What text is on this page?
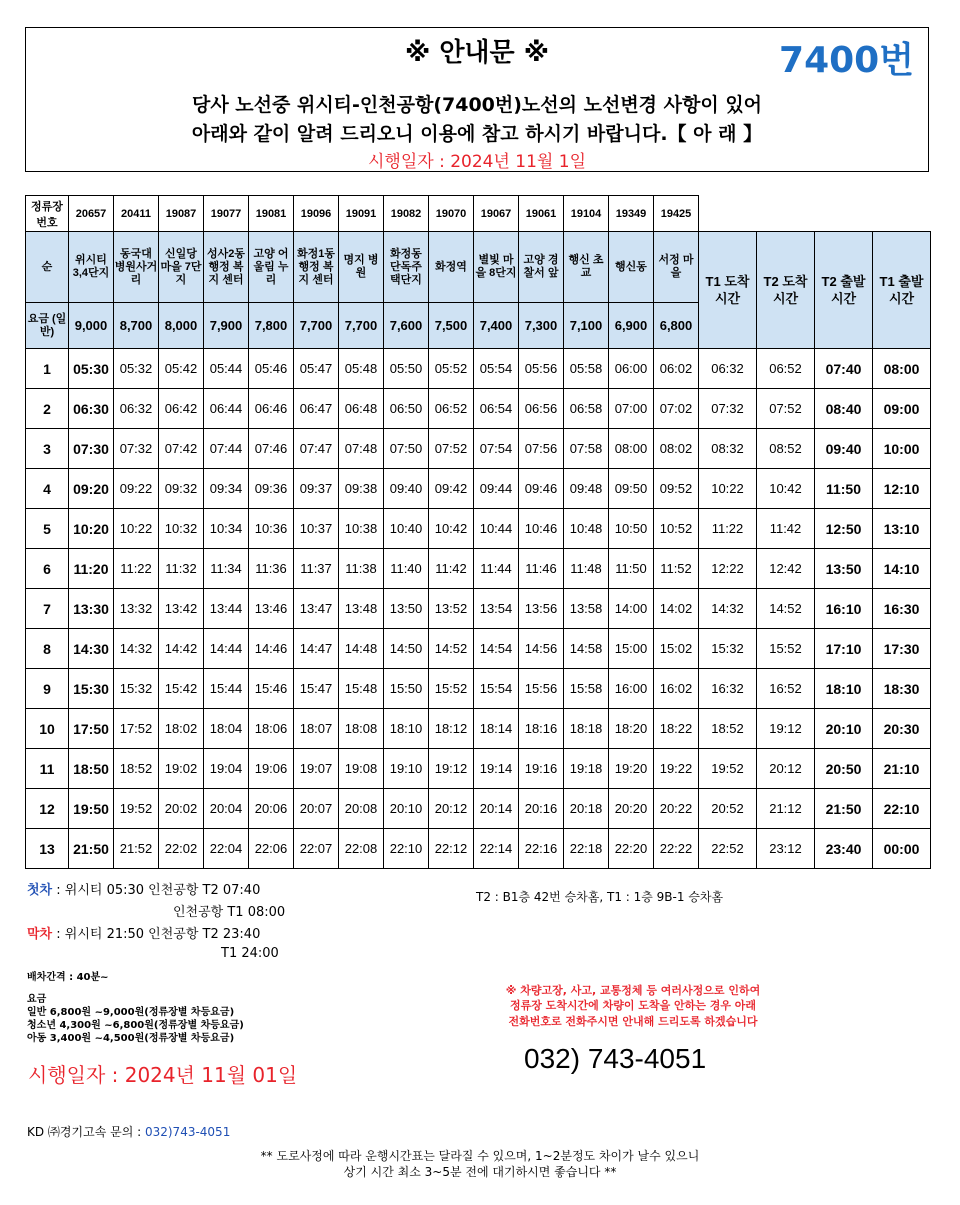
※ 안내문 ※	7400번
당사 노선중 위시티-인천공항(7400번)노선의 노선변경 사항이 있어
아래와 같이 알려 드리오니 이용에 참고 하시기 바랍니다.【 아 래 】
시행일자 : 2024년 11월 1일
정류장 번호	20657	20411	19087	19077	19081	19096	19091	19082	19070	19067	19061	19104	19349	19425				
순	위시티 3,4단지	동국대 병원사거리	신일당 마을 7단지	성사2동 행정 복지 센터	고양 어울림 누리	화정1동 행정 복지 센터	명지 병원	화정동 단독주 택단지	화정역	별빛 마을 8단지	고양 경찰서 앞	행신 초교	행신동	서정 마을	T1 도착 시간	T2 도착 시간	T2 출발 시간	T1 출발 시간
요금 (일반)	9,000	8,700	8,000	7,900	7,800	7,700	7,700	7,600	7,500	7,400	7,300	7,100	6,900	6,800				
1	05:30	05:32	05:42	05:44	05:46	05:47	05:48	05:50	05:52	05:54	05:56	05:58	06:00	06:02	06:32	06:52	07:40	08:00
2	06:30	06:32	06:42	06:44	06:46	06:47	06:48	06:50	06:52	06:54	06:56	06:58	07:00	07:02	07:32	07:52	08:40	09:00
3	07:30	07:32	07:42	07:44	07:46	07:47	07:48	07:50	07:52	07:54	07:56	07:58	08:00	08:02	08:32	08:52	09:40	10:00
4	09:20	09:22	09:32	09:34	09:36	09:37	09:38	09:40	09:42	09:44	09:46	09:48	09:50	09:52	10:22	10:42	11:50	12:10
5	10:20	10:22	10:32	10:34	10:36	10:37	10:38	10:40	10:42	10:44	10:46	10:48	10:50	10:52	11:22	11:42	12:50	13:10
6	11:20	11:22	11:32	11:34	11:36	11:37	11:38	11:40	11:42	11:44	11:46	11:48	11:50	11:52	12:22	12:42	13:50	14:10
7	13:30	13:32	13:42	13:44	13:46	13:47	13:48	13:50	13:52	13:54	13:56	13:58	14:00	14:02	14:32	14:52	16:10	16:30
8	14:30	14:32	14:42	14:44	14:46	14:47	14:48	14:50	14:52	14:54	14:56	14:58	15:00	15:02	15:32	15:52	17:10	17:30
9	15:30	15:32	15:42	15:44	15:46	15:47	15:48	15:50	15:52	15:54	15:56	15:58	16:00	16:02	16:32	16:52	18:10	18:30
10	17:50	17:52	18:02	18:04	18:06	18:07	18:08	18:10	18:12	18:14	18:16	18:18	18:20	18:22	18:52	19:12	20:10	20:30
11	18:50	18:52	19:02	19:04	19:06	19:07	19:08	19:10	19:12	19:14	19:16	19:18	19:20	19:22	19:52	20:12	20:50	21:10
12	19:50	19:52	20:02	20:04	20:06	20:07	20:08	20:10	20:12	20:14	20:16	20:18	20:20	20:22	20:52	21:12	21:50	22:10
13	21:50	21:52	22:02	22:04	22:06	22:07	22:08	22:10	22:12	22:14	22:16	22:18	22:20	22:22	22:52	23:12	23:40	00:00
첫차 : 위시티 05:30 인천공항 T2 07:40
인천공항 T1 08:00
막차 : 위시티 21:50 인천공항 T2 23:40
T1 24:00
T2 : B1층 42번 승차홈, T1 : 1층 9B-1 승차홈
배차간격 : 40분~
요금
일반 6,800원 ~9,000원(정류장별 차등요금)
청소년 4,300원 ~6,800원(정류장별 차등요금)
아동 3,400원 ~4,500원(정류장별 차등요금)
※ 차량고장, 사고, 교통정체 등 여러사정으로 인하여
정류장 도착시간에 차량이 도착을 안하는 경우 아래
전화번호로 전화주시면 안내해 드리도록 하겠습니다
시행일자 : 2024년 11월 01일
032) 743-4051
KD ㈜경기고속 문의 : 032)743-4051
** 도로사정에 따라 운행시간표는 달라질 수 있으며, 1~2분정도 차이가 날수 있으니
상기 시간 최소 3~5분 전에 대기하시면 좋습니다 **
